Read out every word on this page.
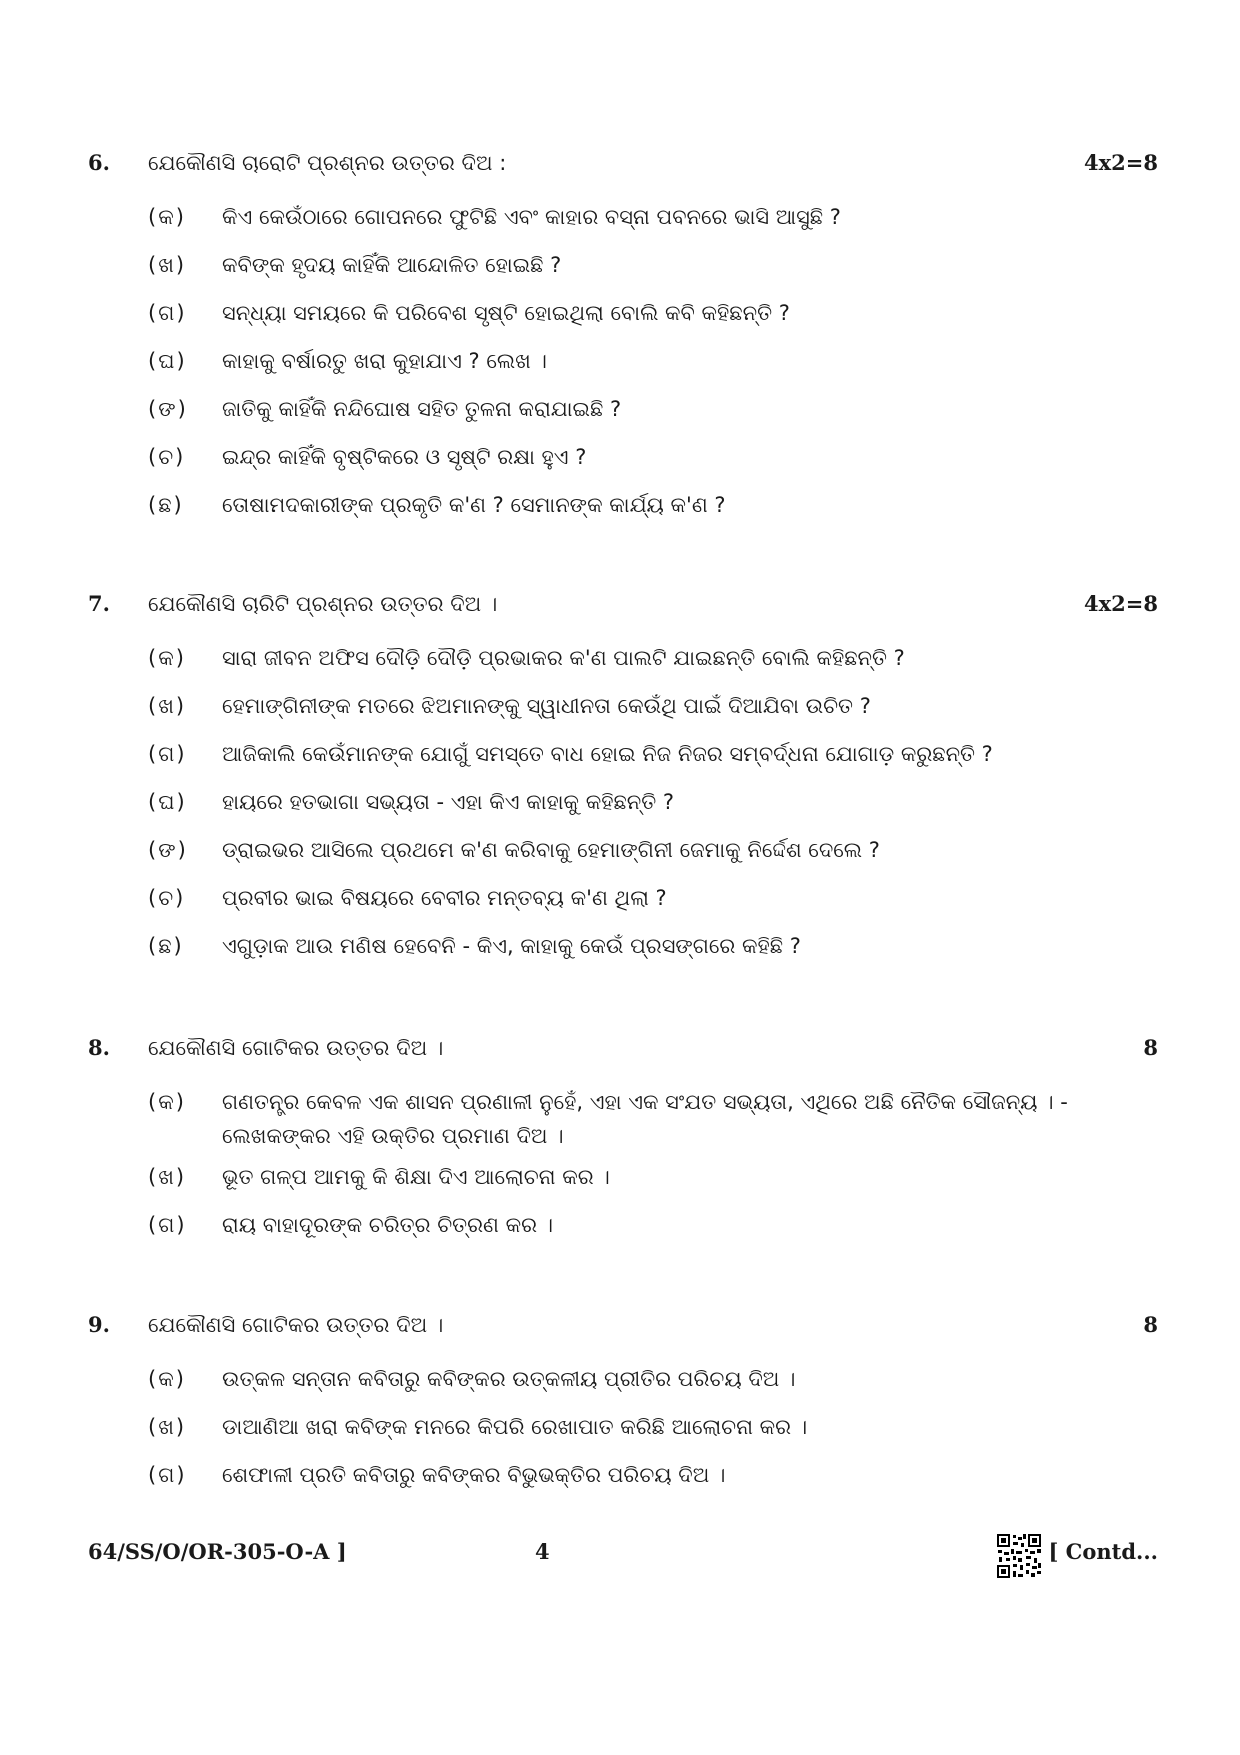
6. ଯେକୌଣସି ଚାରୋଟି ପ୍ରଶ୍ନର ଉତ୍ତର ଦିଅ :	4x2=8
(କ)	କିଏ କେଉଁଠାରେ ଗୋପନରେ ଫୁଟିଛି ଏବଂ କାହାର ବସ୍ନା ପବନରେ ଭାସି ଆସୁଛି ?
(ଖ)	କବିଙ୍କ ହୃଦୟ କାହିଁକି ଆନ୍ଦୋଳିତ ହୋଇଛି ?
(ଗ)	ସନ୍ଧ୍ୟା ସମୟରେ କି ପରିବେଶ ସୃଷ୍ଟି ହୋଇଥିଲା ବୋଲି କବି କହିଛନ୍ତି ?
(ଘ)	କାହାକୁ ବର୍ଷାରତୁ ଖରା କୁହାଯାଏ ? ଲେଖ ।
(ଙ)	ଜାତିକୁ କାହିଁକି ନନ୍ଦିଘୋଷ ସହିତ ତୁଳନା କରାଯାଇଛି ?
(ଚ)	ଇନ୍ଦ୍ର କାହିଁକି ବୃଷ୍ଟିକରେ ଓ ସୃଷ୍ଟି ରକ୍ଷା ହୁଏ ?
(ଛ)	ତୋଷାମଦକାରୀଙ୍କ ପ୍ରକୃତି କ'ଣ ? ସେମାନଙ୍କ କାର୍ଯ୍ୟ କ'ଣ ?
7. ଯେକୌଣସି ଚାରିଟି ପ୍ରଶ୍ନର ଉତ୍ତର ଦିଅ ।	4x2=8
(କ)	ସାରା ଜୀବନ ଅଫିସ ଦୌଡ଼ି ଦୌଡ଼ି ପ୍ରଭାକର କ'ଣ ପାଲଟି ଯାଇଛନ୍ତି ବୋଲି କହିଛନ୍ତି ?
(ଖ)	ହେମାଙ୍ଗିନୀଙ୍କ ମତରେ ଝିଅମାନଙ୍କୁ ସ୍ୱାଧୀନତା କେଉଁଥି ପାଇଁ ଦିଆଯିବା ଉଚିତ ?
(ଗ)	ଆଜିକାଲି କେଉଁମାନଙ୍କ ଯୋଗୁଁ ସମସ୍ତେ ବାଧ ହୋଇ ନିଜ ନିଜର ସମ୍ବର୍ଦ୍ଧନା ଯୋଗାଡ଼ କରୁଛନ୍ତି ?
(ଘ)	ହାୟରେ ହତଭାଗା ସଭ୍ୟତା - ଏହା କିଏ କାହାକୁ କହିଛନ୍ତି ?
(ଙ)	ଡ୍ରାଇଭର ଆସିଲେ ପ୍ରଥମେ କ'ଣ କରିବାକୁ ହେମାଙ୍ଗିନୀ ଜେମାକୁ ନିର୍ଦ୍ଦେଶ ଦେଲେ ?
(ଚ)	ପ୍ରବୀର ଭାଇ ବିଷୟରେ ବେବୀର ମନ୍ତବ୍ୟ କ'ଣ ଥିଲା ?
(ଛ)	ଏଗୁଡ଼ାକ ଆଉ ମଣିଷ ହେବେନି - କିଏ, କାହାକୁ କେଉଁ ପ୍ରସଙ୍ଗରେ କହିଛି ?
8. ଯେକୌଣସି ଗୋଟିକର ଉତ୍ତର ଦିଅ ।	8
(କ)	ଗଣତନ୍ତ୍ର କେବଳ ଏକ ଶାସନ ପ୍ରଣାଳୀ ନୁହେଁ, ଏହା ଏକ ସଂଯତ ସଭ୍ୟତା, ଏଥିରେ ଅଛି ନୈତିକ ସୌଜନ୍ୟ । - ଲେଖକଙ୍କର ଏହି ଉକ୍ତିର ପ୍ରମାଣ ଦିଅ ।
(ଖ)	ଭୂତ ଗଳ୍ପ ଆମକୁ କି ଶିକ୍ଷା ଦିଏ ଆଲୋଚନା କର ।
(ଗ)	ରାୟ ବାହାଦୂରଙ୍କ ଚରିତ୍ର ଚିତ୍ରଣ କର ।
9. ଯେକୌଣସି ଗୋଟିକର ଉତ୍ତର ଦିଅ ।	8
(କ)	ଉତ୍କଳ ସନ୍ତାନ କବିତାରୁ କବିଙ୍କର ଉତ୍କଳୀୟ ପ୍ରୀତିର ପରିଚୟ ଦିଅ ।
(ଖ)	ଡାଆଣିଆ ଖରା କବିଙ୍କ ମନରେ କିପରି ରେଖାପାତ କରିଛି ଆଲୋଚନା କର ।
(ଗ)	ଶେଫାଳୀ ପ୍ରତି କବିତାରୁ କବିଙ୍କର ବିଭୁଭକ୍ତିର ପରିଚୟ ଦିଅ ।
64/SS/O/OR-305-O-A ]	4	[ Contd...
